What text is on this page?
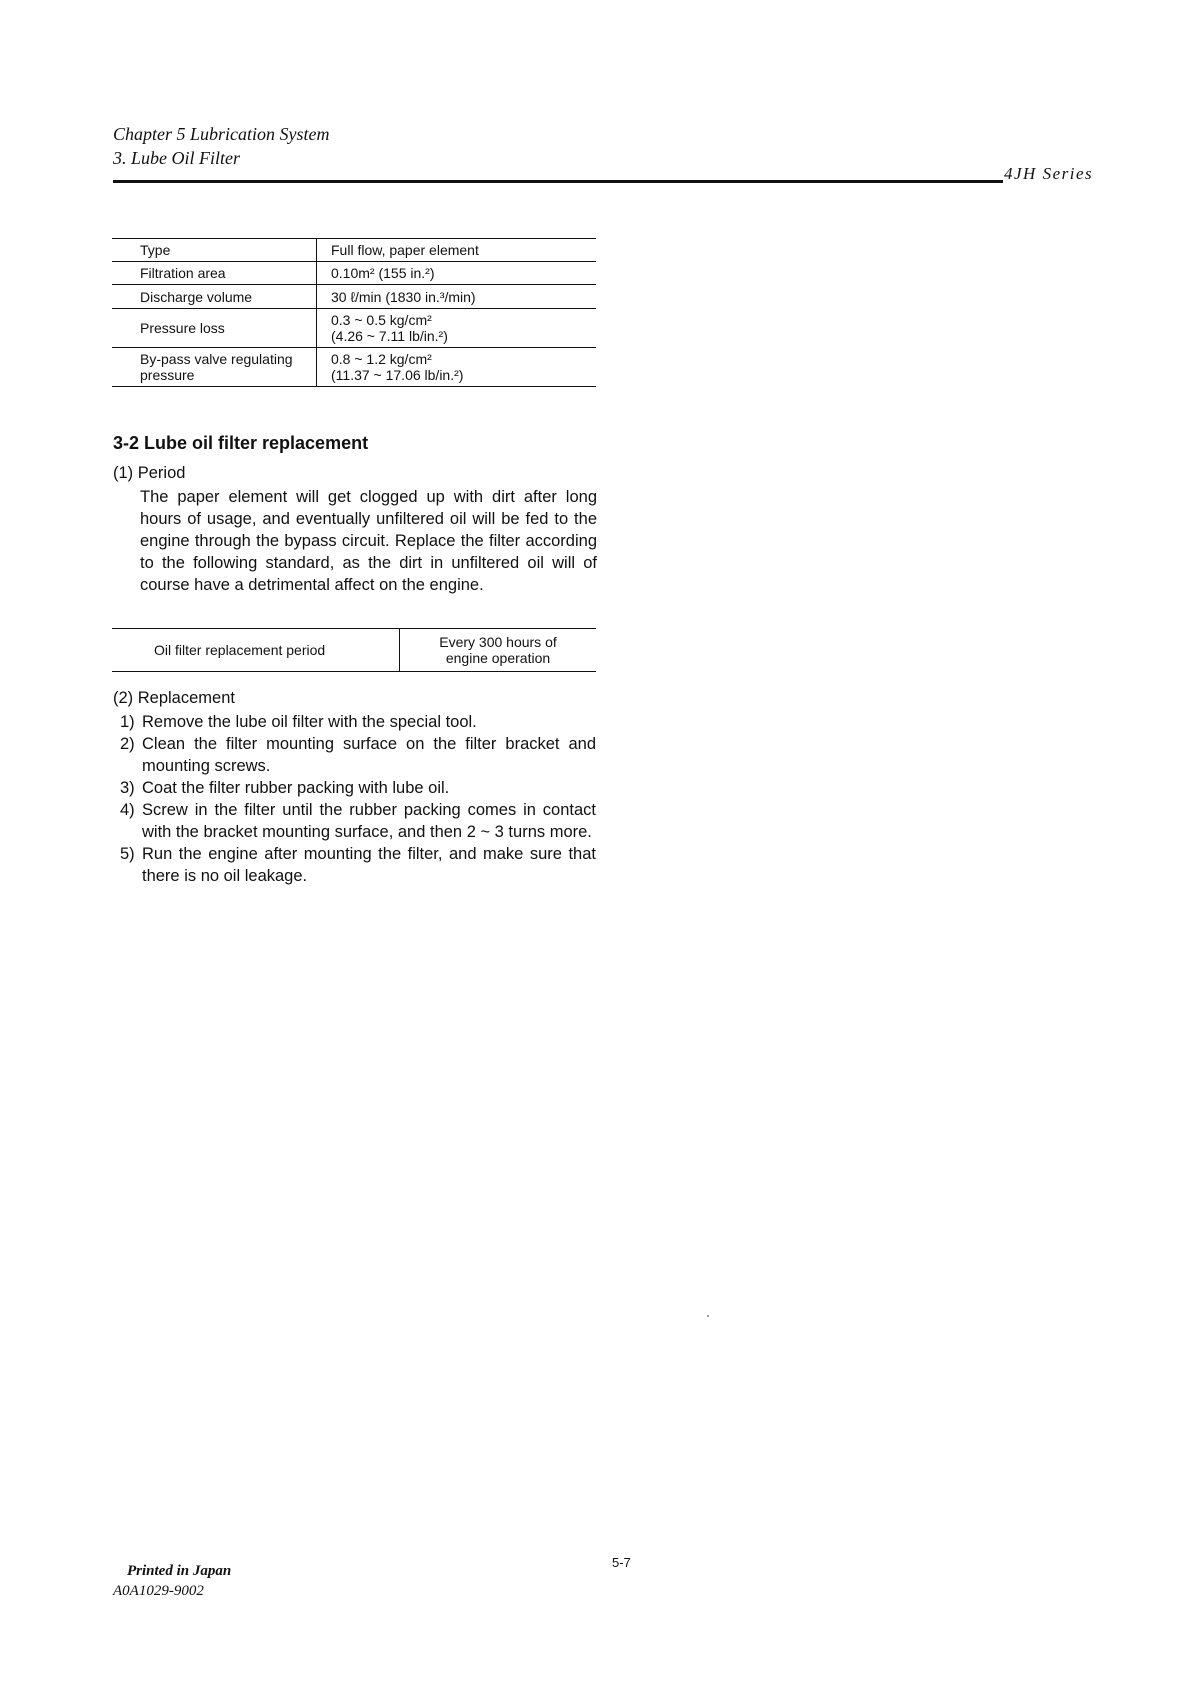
Chapter 5 Lubrication System
3. Lube Oil Filter
4JH Series
Type	Full flow, paper element
Filtration area	0.10m² (155 in.²)
Discharge volume	30 ℓ/min (1830 in.³/min)
Pressure loss	0.3 ~ 0.5 kg/cm²
(4.26 ~ 7.11 lb/in.²)

By-pass valve regulating pressure	0.8 ~ 1.2 kg/cm²
(11.37 ~ 17.06 lb/in.²)
3-2 Lube oil filter replacement
(1) Period
The paper element will get clogged up with dirt after long hours of usage, and eventually unfiltered oil will be fed to the engine through the bypass circuit. Replace the filter according to the following standard, as the dirt in unfiltered oil will of course have a detrimental affect on the engine.
Oil filter replacement period	Every 300 hours of
engine operation
(2) Replacement
1) Remove the lube oil filter with the special tool.
2) Clean the filter mounting surface on the filter bracket and mounting screws.
3) Coat the filter rubber packing with lube oil.
4) Screw in the filter until the rubber packing comes in contact with the bracket mounting surface, and then 2 ~ 3 turns more.
5) Run the engine after mounting the filter, and make sure that there is no oil leakage.
5-7
Printed in Japan
A0A1029-9002
